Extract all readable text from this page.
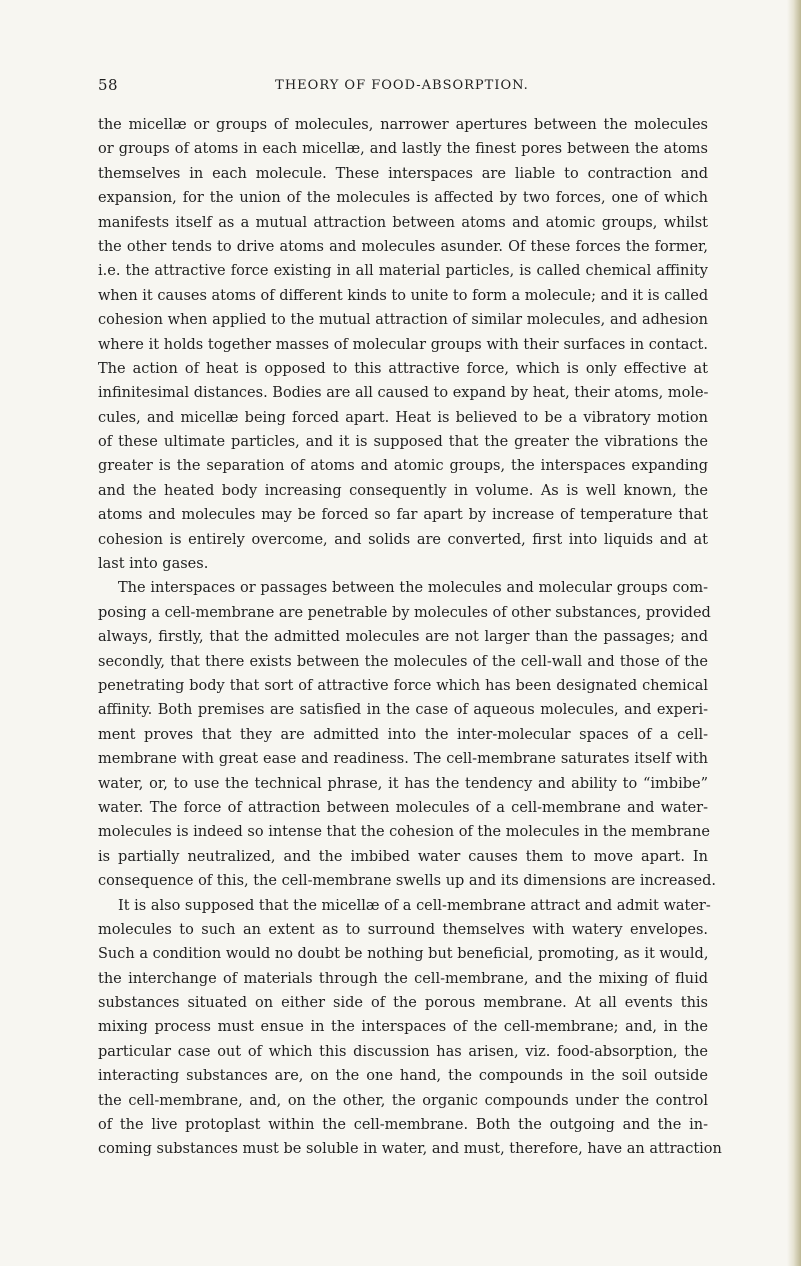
58	THEORY OF FOOD-ABSORPTION.
the micellæ or groups of molecules, narrower apertures between the molecules
or groups of atoms in each micellæ, and lastly the finest pores between the atoms
themselves in each molecule. These interspaces are liable to contraction and
expansion, for the union of the molecules is affected by two forces, one of which
manifests itself as a mutual attraction between atoms and atomic groups, whilst
the other tends to drive atoms and molecules asunder. Of these forces the former,
i.e. the attractive force existing in all material particles, is called chemical affinity
when it causes atoms of different kinds to unite to form a molecule; and it is called
cohesion when applied to the mutual attraction of similar molecules, and adhesion
where it holds together masses of molecular groups with their surfaces in contact.
The action of heat is opposed to this attractive force, which is only effective at
infinitesimal distances. Bodies are all caused to expand by heat, their atoms, mole-
cules, and micellæ being forced apart. Heat is believed to be a vibratory motion
of these ultimate particles, and it is supposed that the greater the vibrations the
greater is the separation of atoms and atomic groups, the interspaces expanding
and the heated body increasing consequently in volume. As is well known, the
atoms and molecules may be forced so far apart by increase of temperature that
cohesion is entirely overcome, and solids are converted, first into liquids and at
last into gases.
The interspaces or passages between the molecules and molecular groups com-
posing a cell-membrane are penetrable by molecules of other substances, provided
always, firstly, that the admitted molecules are not larger than the passages; and
secondly, that there exists between the molecules of the cell-wall and those of the
penetrating body that sort of attractive force which has been designated chemical
affinity. Both premises are satisfied in the case of aqueous molecules, and experi-
ment proves that they are admitted into the inter-molecular spaces of a cell-
membrane with great ease and readiness. The cell-membrane saturates itself with
water, or, to use the technical phrase, it has the tendency and ability to “imbibe”
water. The force of attraction between molecules of a cell-membrane and water-
molecules is indeed so intense that the cohesion of the molecules in the membrane
is partially neutralized, and the imbibed water causes them to move apart. In
consequence of this, the cell-membrane swells up and its dimensions are increased.
It is also supposed that the micellæ of a cell-membrane attract and admit water-
molecules to such an extent as to surround themselves with watery envelopes.
Such a condition would no doubt be nothing but beneficial, promoting, as it would,
the interchange of materials through the cell-membrane, and the mixing of fluid
substances situated on either side of the porous membrane. At all events this
mixing process must ensue in the interspaces of the cell-membrane; and, in the
particular case out of which this discussion has arisen, viz. food-absorption, the
interacting substances are, on the one hand, the compounds in the soil outside
the cell-membrane, and, on the other, the organic compounds under the control
of the live protoplast within the cell-membrane. Both the outgoing and the in-
coming substances must be soluble in water, and must, therefore, have an attraction
